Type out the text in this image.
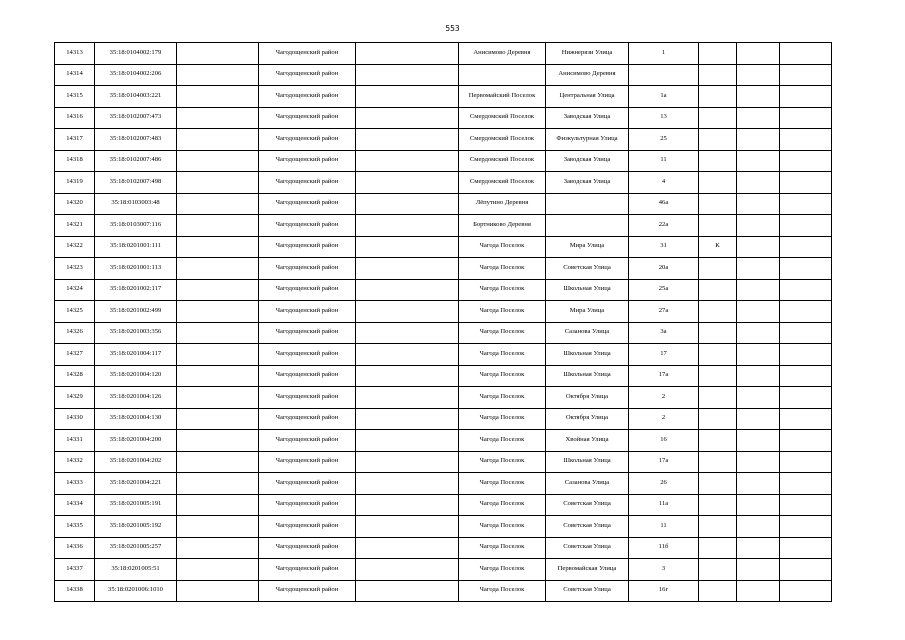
553
14313	35:18:0104002:179		Чагодощенский район		Анисимово Деревня	Нижнерязи Улица	1			
14314	35:18:0104002:206		Чагодощенский район			Анисимово Деревня				
14315	35:18:0104003:221		Чагодощенский район		Первомайский Поселок	Центральная Улица	1а			
14316	35:18:0102007:473		Чагодощенский район		Смердомский Поселок	Заводская Улица	13			
14317	35:18:0102007:483		Чагодощенский район		Смердомский Поселок	Физкультурная Улица	25			
14318	35:18:0102007:486		Чагодощенский район		Смердомский Поселок	Заводская Улица	11			
14319	35:18:0102007:498		Чагодощенский район		Смердомский Поселок	Заводская Улица	4			
14320	35:18:0103003:48		Чагодощенский район		Лёпутино Деревня		46а			
14321	35:18:0103007:116		Чагодощенский район		Бортниково Деревня		22а			
14322	35:18:0201001:111		Чагодощенский район		Чагода Поселок	Мира Улица	31	К		
14323	35:18:0201001:113		Чагодощенский район		Чагода Поселок	Советская Улица	20а			
14324	35:18:0201002:117		Чагодощенский район		Чагода Поселок	Школьная Улица	25а			
14325	35:18:0201002:499		Чагодощенский район		Чагода Поселок	Мира Улица	27а			
14326	35:18:0201003:356		Чагодощенский район		Чагода Поселок	Сазанова Улица	3а			
14327	35:18:0201004:117		Чагодощенский район		Чагода Поселок	Школьная Улица	17			
14328	35:18:0201004:120		Чагодощенский район		Чагода Поселок	Школьная Улица	17а			
14329	35:18:0201004:126		Чагодощенский район		Чагода Поселок	Октября Улица	2			
14330	35:18:0201004:130		Чагодощенский район		Чагода Поселок	Октября Улица	2			
14331	35:18:0201004:200		Чагодощенский район		Чагода Поселок	Хвойная Улица	16			
14332	35:18:0201004:202		Чагодощенский район		Чагода Поселок	Школьная Улица	17а			
14333	35:18:0201004:221		Чагодощенский район		Чагода Поселок	Сазанова Улица	26			
14334	35:18:0201005:191		Чагодощенский район		Чагода Поселок	Советская Улица	11а			
14335	35:18:0201005:192		Чагодощенский район		Чагода Поселок	Советская Улица	11			
14336	35:18:0201005:257		Чагодощенский район		Чагода Поселок	Советская Улица	11б			
14337	35:18:0201005:51		Чагодощенский район		Чагода Поселок	Первомайская Улица	3			
14338	35:18:0201006:1010		Чагодощенский район		Чагода Поселок	Советская Улица	16г			
